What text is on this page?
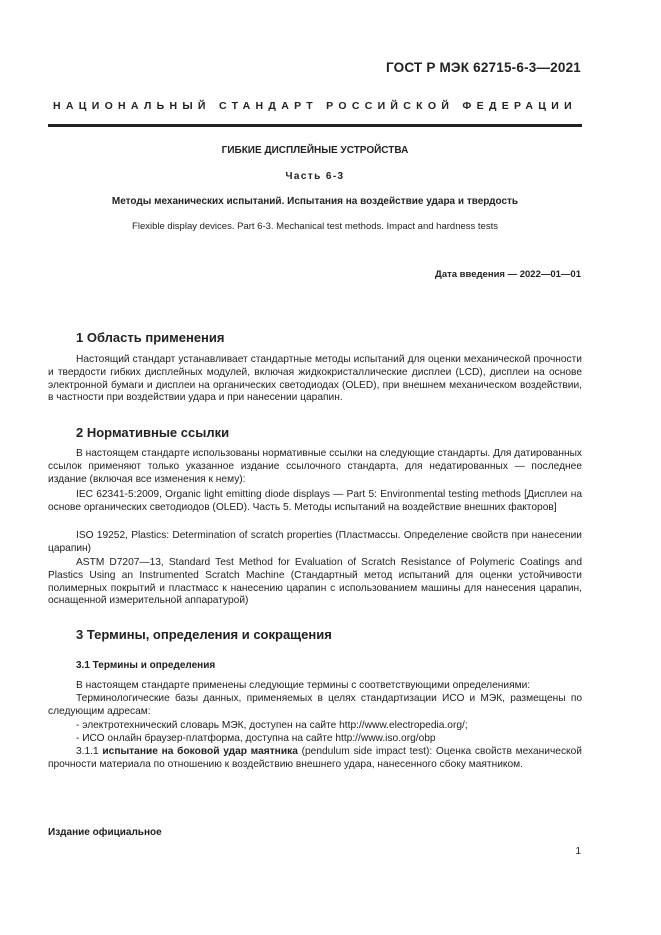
ГОСТ Р МЭК 62715-6-3—2021
НАЦИОНАЛЬНЫЙ СТАНДАРТ РОССИЙСКОЙ ФЕДЕРАЦИИ
ГИБКИЕ ДИСПЛЕЙНЫЕ УСТРОЙСТВА
Часть 6-3
Методы механических испытаний. Испытания на воздействие удара и твердость
Flexible display devices. Part 6-3. Mechanical test methods. Impact and hardness tests
Дата введения — 2022—01—01
1 Область применения
Настоящий стандарт устанавливает стандартные методы испытаний для оценки механической прочности и твердости гибких дисплейных модулей, включая жидкокристаллические дисплеи (LCD), дисплеи на основе электронной бумаги и дисплеи на органических светодиодах (OLED), при внешнем механическом воздействии, в частности при воздействии удара и при нанесении царапин.
2 Нормативные ссылки
В настоящем стандарте использованы нормативные ссылки на следующие стандарты. Для датированных ссылок применяют только указанное издание ссылочного стандарта, для недатированных — последнее издание (включая все изменения к нему):
IEC 62341-5:2009, Organic light emitting diode displays — Part 5: Environmental testing methods [Дисплеи на основе органических светодиодов (OLED). Часть 5. Методы испытаний на воздействие внешних факторов]
ISO 19252, Plastics: Determination of scratch properties (Пластмассы. Определение свойств при нанесении царапин)
ASTM D7207—13, Standard Test Method for Evaluation of Scratch Resistance of Polymeric Coatings and Plastics Using an Instrumented Scratch Machine (Стандартный метод испытаний для оценки устойчивости полимерных покрытий и пластмасс к нанесению царапин с использованием машины для нанесения царапин, оснащенной измерительной аппаратурой)
3 Термины, определения и сокращения
3.1 Термины и определения
В настоящем стандарте применены следующие термины с соответствующими определениями:
Терминологические базы данных, применяемых в целях стандартизации ИСО и МЭК, размещены по следующим адресам:
- электротехнический словарь МЭК, доступен на сайте http://www.electropedia.org/;
- ИСО онлайн браузер-платформа, доступна на сайте http://www.iso.org/obp
3.1.1 испытание на боковой удар маятника (pendulum side impact test): Оценка свойств механической прочности материала по отношению к воздействию внешнего удара, нанесенного сбоку маятником.
Издание официальное
1
